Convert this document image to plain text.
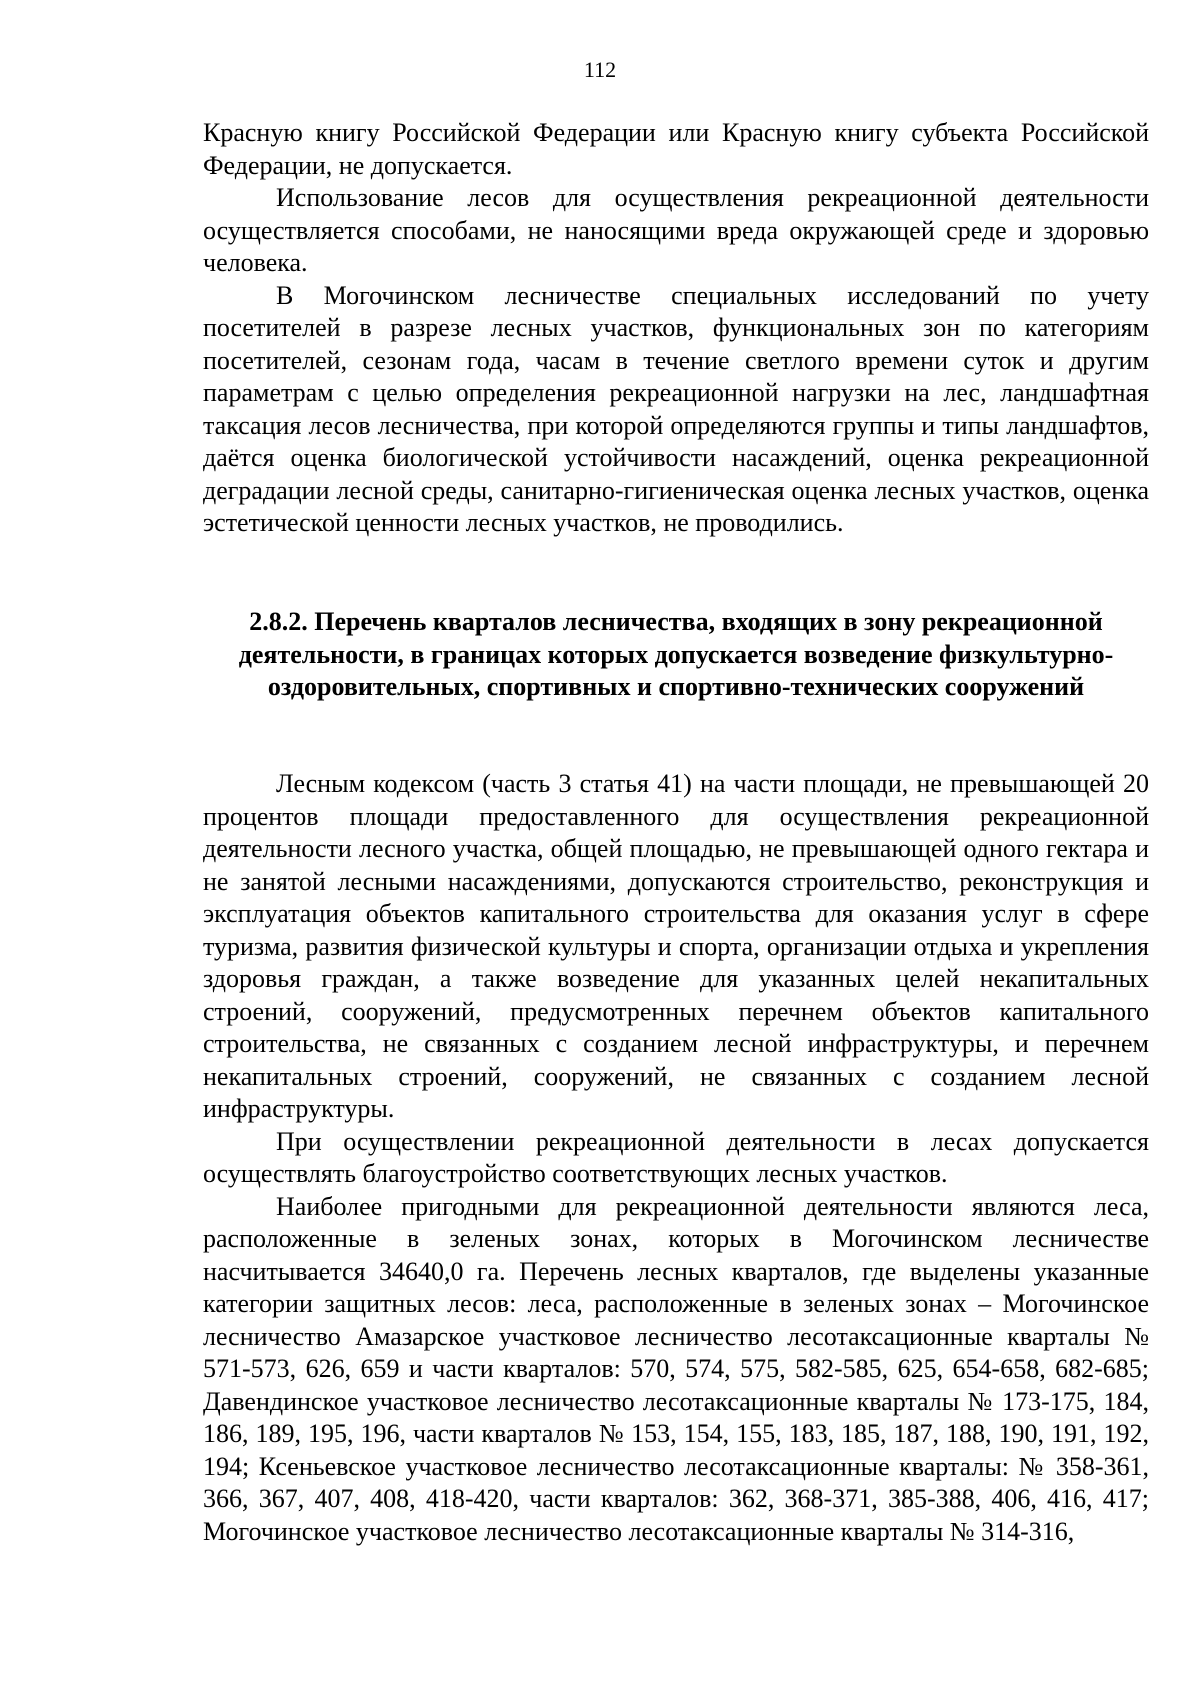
112

Красную книгу Российской Федерации или Красную книгу субъекта Российской Федерации, не допускается.

Использование лесов для осуществления рекреационной деятельности осуществляется способами, не наносящими вреда окружающей среде и здоровью человека.

В Могочинском лесничестве специальных исследований по учету посетителей в разрезе лесных участков, функциональных зон по категориям посетителей, сезонам года, часам в течение светлого времени суток и другим параметрам с целью определения рекреационной нагрузки на лес, ландшафтная таксация лесов лесничества, при которой определяются группы и типы ландшафтов, даётся оценка биологической устойчивости насаждений, оценка рекреационной деградации лесной среды, санитарно-гигиеническая оценка лесных участков, оценка эстетической ценности лесных участков, не проводились.

2.8.2. Перечень кварталов лесничества, входящих в зону рекреационной деятельности, в границах которых допускается возведение физкультурно-оздоровительных, спортивных и спортивно-технических сооружений

Лесным кодексом (часть 3 статья 41) на части площади, не превышающей 20 процентов площади предоставленного для осуществления рекреационной деятельности лесного участка, общей площадью, не превышающей одного гектара и не занятой лесными насаждениями, допускаются строительство, реконструкция и эксплуатация объектов капитального строительства для оказания услуг в сфере туризма, развития физической культуры и спорта, организации отдыха и укрепления здоровья граждан, а также возведение для указанных целей некапитальных строений, сооружений, предусмотренных перечнем объектов капитального строительства, не связанных с созданием лесной инфраструктуры, и перечнем некапитальных строений, сооружений, не связанных с созданием лесной инфраструктуры.

При осуществлении рекреационной деятельности в лесах допускается осуществлять благоустройство соответствующих лесных участков.

Наиболее пригодными для рекреационной деятельности являются леса, расположенные в зеленых зонах, которых в Могочинском лесничестве насчитывается 34640,0 га. Перечень лесных кварталов, где выделены указанные категории защитных лесов: леса, расположенные в зеленых зонах – Могочинское лесничество Амазарское участковое лесничество лесотаксационные кварталы № 571-573, 626, 659 и части кварталов: 570, 574, 575, 582-585, 625, 654-658, 682-685; Давендинское участковое лесничество лесотаксационные кварталы № 173-175, 184, 186, 189, 195, 196, части кварталов № 153, 154, 155, 183, 185, 187, 188, 190, 191, 192, 194; Ксеньевское участковое лесничество лесотаксационные кварталы: № 358-361, 366, 367, 407, 408, 418-420, части кварталов: 362, 368-371, 385-388, 406, 416, 417; Могочинское участковое лесничество лесотаксационные кварталы № 314-316,
